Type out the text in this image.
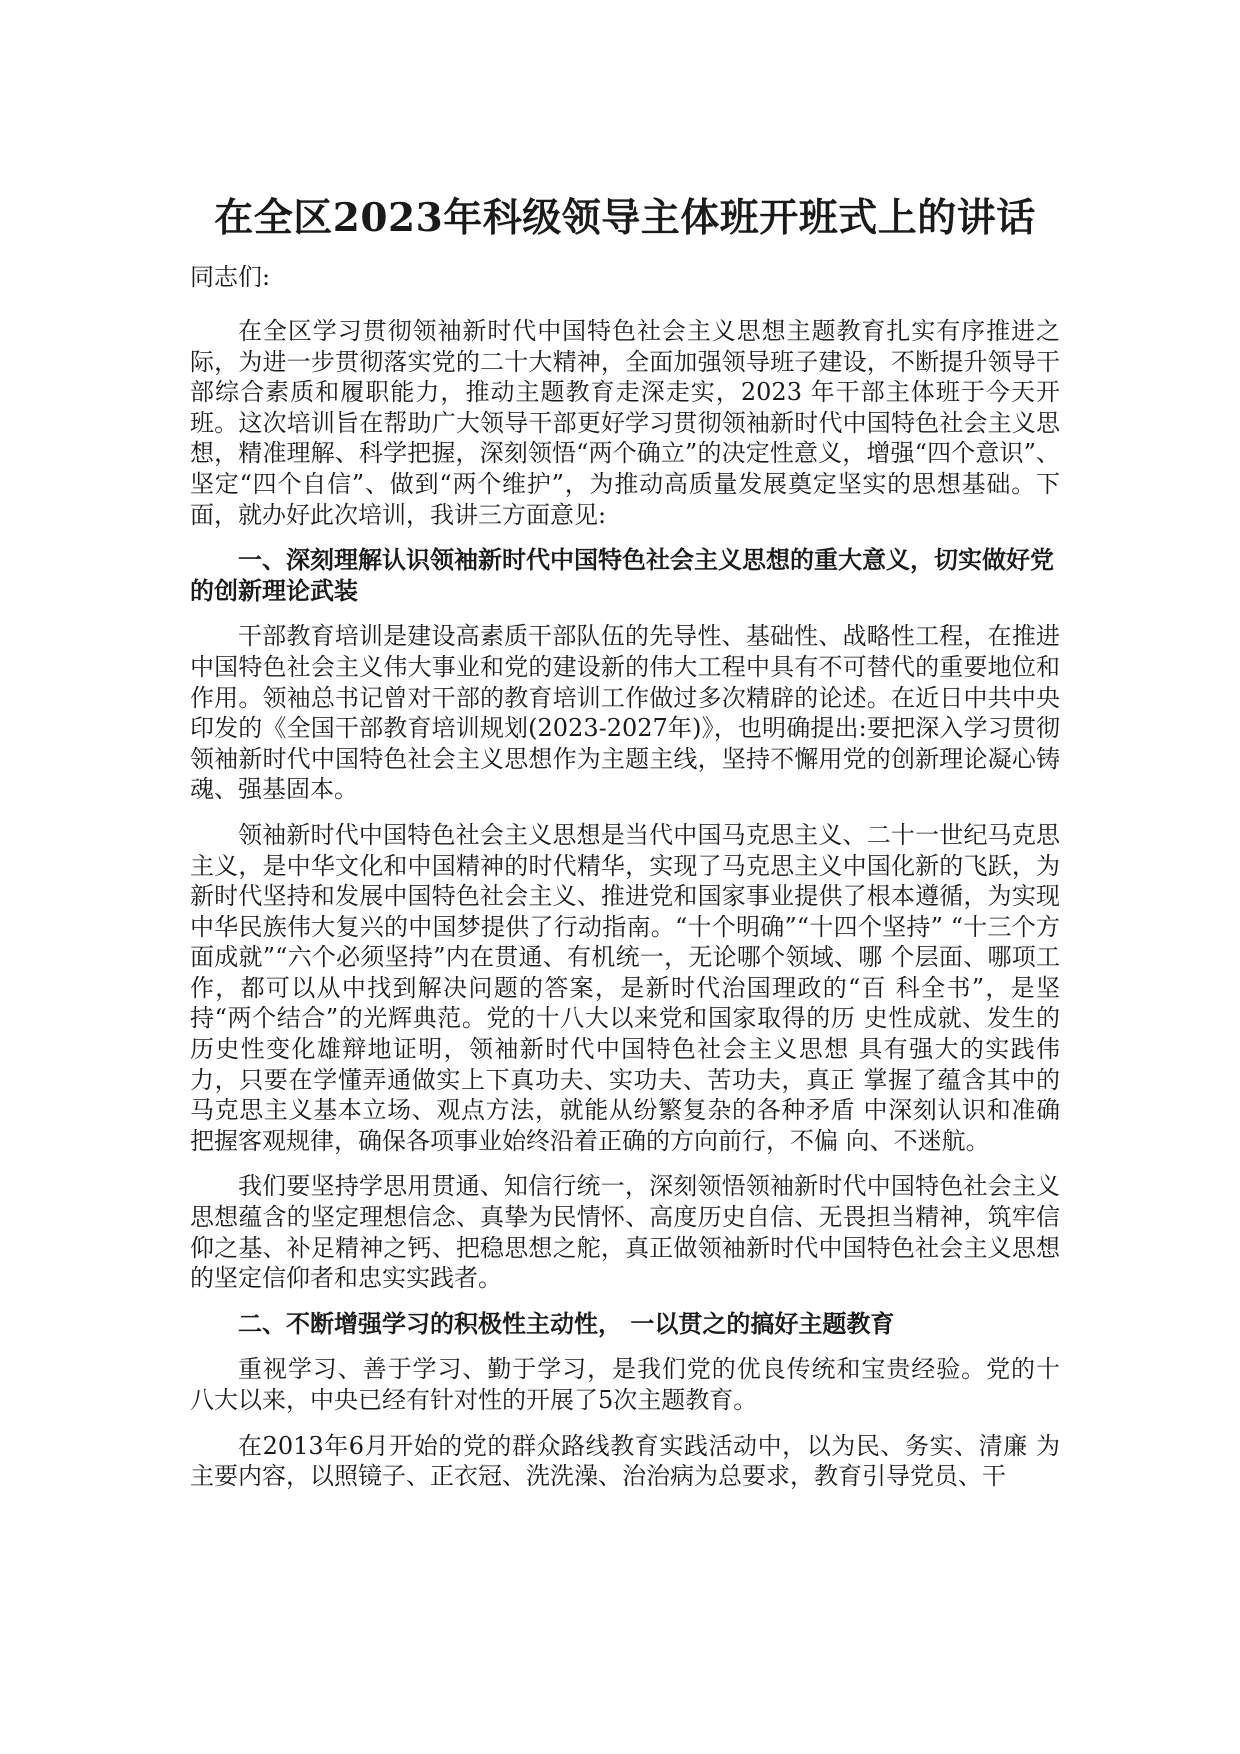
在全区2023年科级领导主体班开班式上的讲话
同志们:

在全区学习贯彻领袖新时代中国特色社会主义思想主题教育扎实有序推进之际，为进一步贯彻落实党的二十大精神，全面加强领导班子建设，不断提升领导干部综合素质和履职能力，推动主题教育走深走实，2023 年干部主体班于今天开班。这次培训旨在帮助广大领导干部更好学习贯彻领袖新时代中国特色社会主义思想，精准理解、科学把握，深刻领悟“两个确立”的决定性意义，增强“四个意识”、坚定“四个自信”、做到“两个维护”，为推动高质量发展奠定坚实的思想基础。下面，就办好此次培训，我讲三方面意见:

一、深刻理解认识领袖新时代中国特色社会主义思想的重大意义，切实做好党的创新理论武装

干部教育培训是建设高素质干部队伍的先导性、基础性、战略性工程，在推进中国特色社会主义伟大事业和党的建设新的伟大工程中具有不可替代的重要地位和作用。领袖总书记曾对干部的教育培训工作做过多次精辟的论述。在近日中共中央印发的《全国干部教育培训规划(2023-2027年)》，也明确提出:要把深入学习贯彻领袖新时代中国特色社会主义思想作为主题主线，坚持不懈用党的创新理论凝心铸魂、强基固本。

领袖新时代中国特色社会主义思想是当代中国马克思主义、二十一世纪马克思主义，是中华文化和中国精神的时代精华，实现了马克思主义中国化新的飞跃，为新时代坚持和发展中国特色社会主义、推进党和国家事业提供了根本遵循，为实现中华民族伟大复兴的中国梦提供了行动指南。“十个明确”“十四个坚持” “十三个方面成就”“六个必须坚持”内在贯通、有机统一，无论哪个领域、哪 个层面、哪项工作，都可以从中找到解决问题的答案，是新时代治国理政的“百 科全书”，是坚持“两个结合”的光辉典范。党的十八大以来党和国家取得的历 史性成就、发生的历史性变化雄辩地证明，领袖新时代中国特色社会主义思想 具有强大的实践伟力，只要在学懂弄通做实上下真功夫、实功夫、苦功夫，真正 掌握了蕴含其中的马克思主义基本立场、观点方法，就能从纷繁复杂的各种矛盾 中深刻认识和准确把握客观规律，确保各项事业始终沿着正确的方向前行，不偏 向、不迷航。

我们要坚持学思用贯通、知信行统一，深刻领悟领袖新时代中国特色社会主义思想蕴含的坚定理想信念、真挚为民情怀、高度历史自信、无畏担当精神，筑牢信仰之基、补足精神之钙、把稳思想之舵，真正做领袖新时代中国特色社会主义思想的坚定信仰者和忠实实践者。

二、不断增强学习的积极性主动性， 一以贯之的搞好主题教育

重视学习、善于学习、勤于学习，是我们党的优良传统和宝贵经验。党的十 八大以来，中央已经有针对性的开展了5次主题教育。

在2013年6月开始的党的群众路线教育实践活动中，以为民、务实、清廉 为主要内容，以照镜子、正衣冠、洗洗澡、治治病为总要求，教育引导党员、干
